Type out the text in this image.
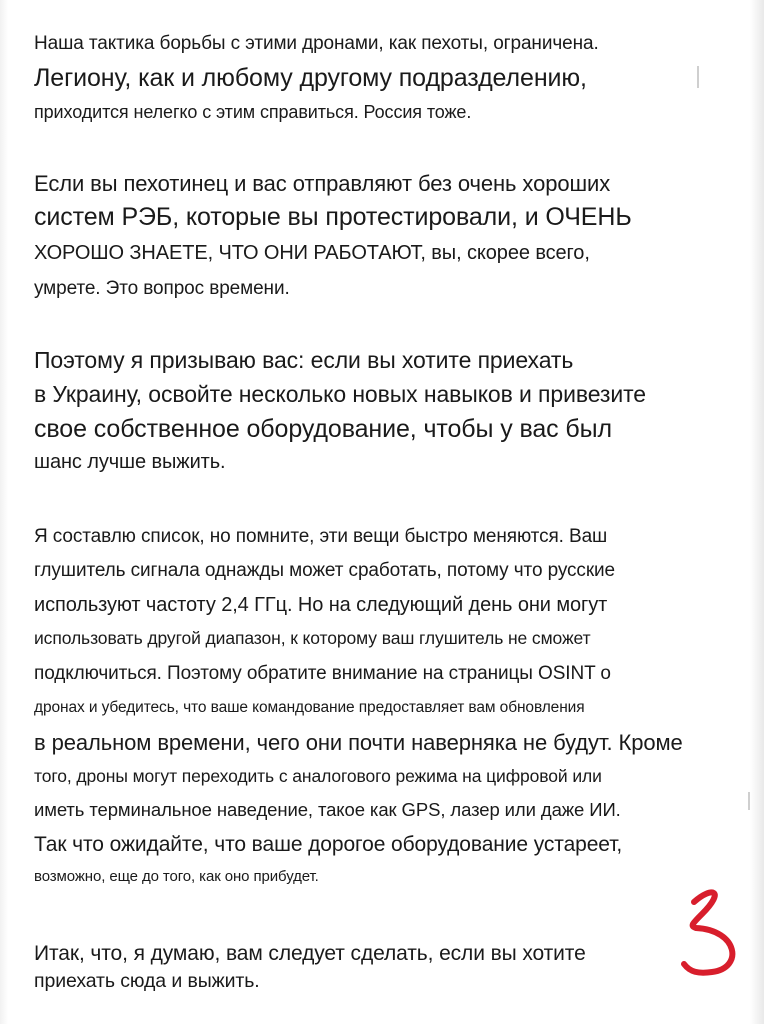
Наша тактика борьбы с этими дронами, как пехоты, ограничена.
Легиону, как и любому другому подразделению,
приходится нелегко с этим справиться. Россия тоже.
Если вы пехотинец и вас отправляют без очень хороших
систем РЭБ, которые вы протестировали, и ОЧЕНЬ
ХОРОШО ЗНАЕТЕ, ЧТО ОНИ РАБОТАЮТ, вы, скорее всего,
умрете. Это вопрос времени.
Поэтому я призываю вас: если вы хотите приехать
в Украину, освойте несколько новых навыков и привезите
свое собственное оборудование, чтобы у вас был
шанс лучше выжить.
Я составлю список, но помните, эти вещи быстро меняются. Ваш
глушитель сигнала однажды может сработать, потому что русские
используют частоту 2,4 ГГц. Но на следующий день они могут
использовать другой диапазон, к которому ваш глушитель не сможет
подключиться. Поэтому обратите внимание на страницы OSINT о
дронах и убедитесь, что ваше командование предоставляет вам обновления
в реальном времени, чего они почти наверняка не будут. Кроме
того, дроны могут переходить с аналогового режима на цифровой или
иметь терминальное наведение, такое как GPS, лазер или даже ИИ.
Так что ожидайте, что ваше дорогое оборудование устареет,
возможно, еще до того, как оно прибудет.
Итак, что, я думаю, вам следует сделать, если вы хотите
приехать сюда и выжить.
